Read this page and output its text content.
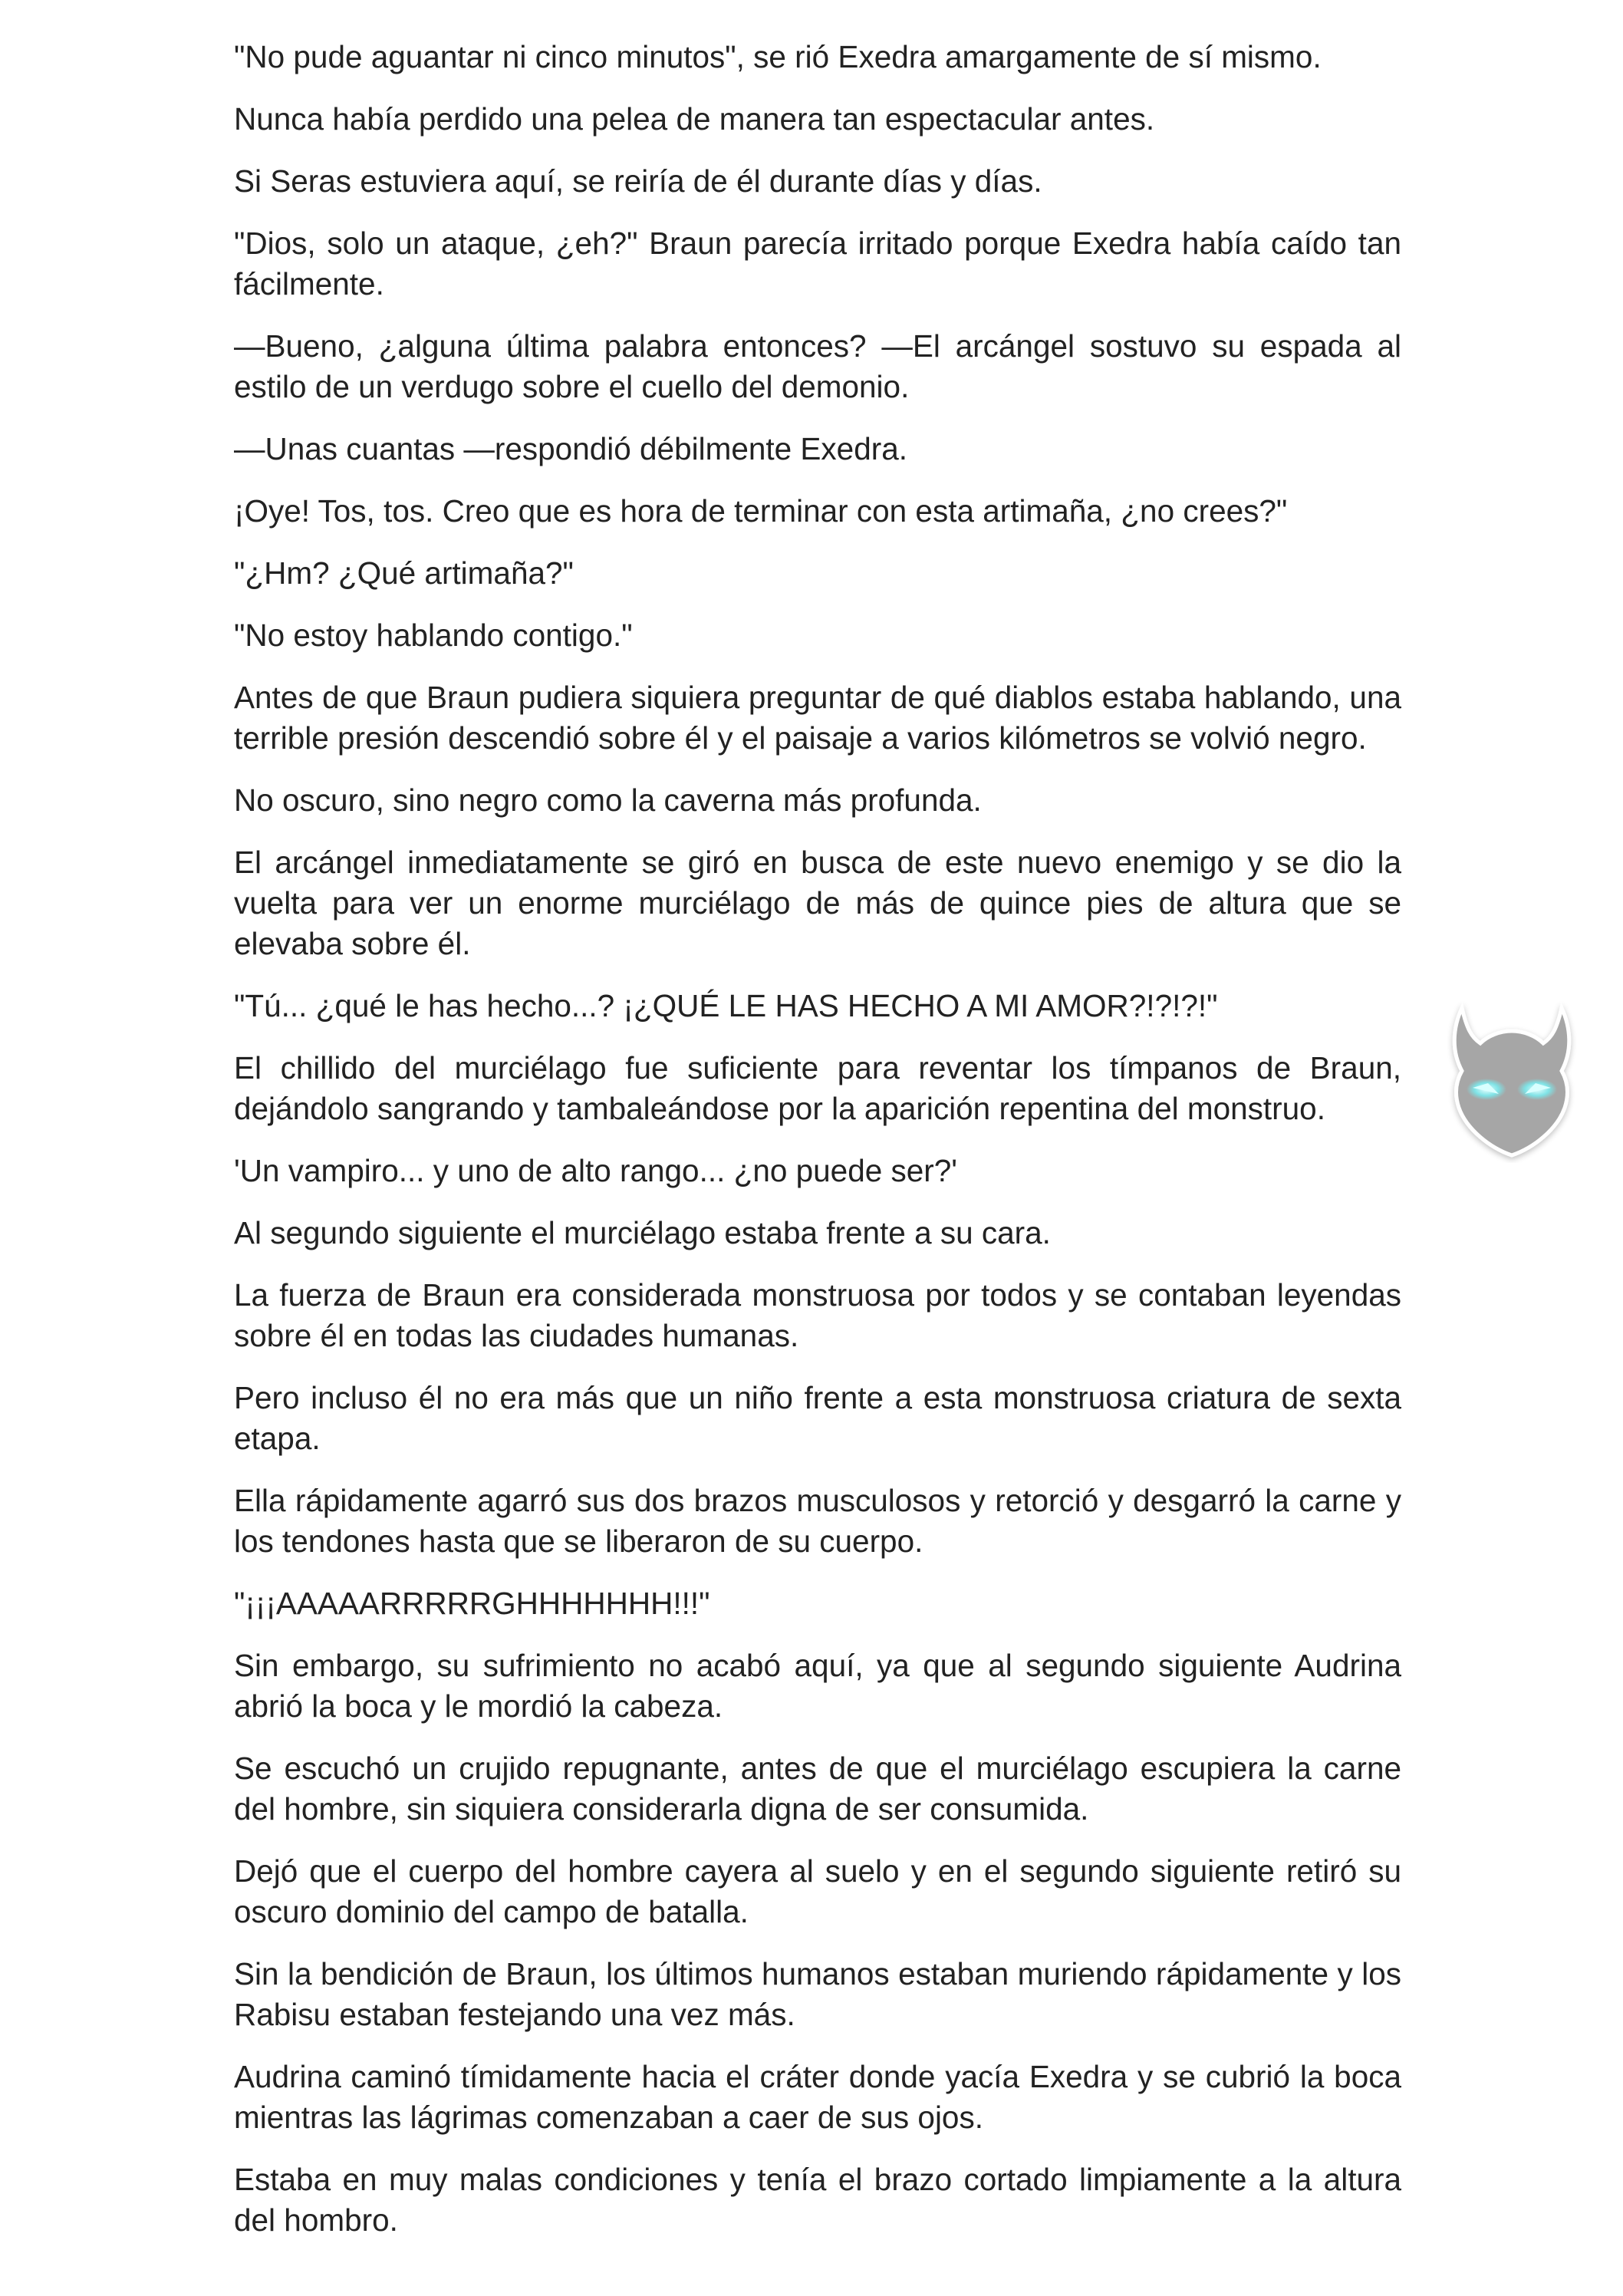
"No pude aguantar ni cinco minutos", se rió Exedra amargamente de sí mismo.

Nunca había perdido una pelea de manera tan espectacular antes.

Si Seras estuviera aquí, se reiría de él durante días y días.

"Dios, solo un ataque, ¿eh?" Braun parecía irritado porque Exedra había caído tan fácilmente.

—Bueno, ¿alguna última palabra entonces? —El arcángel sostuvo su espada al estilo de un verdugo sobre el cuello del demonio.

—Unas cuantas —respondió débilmente Exedra.

¡Oye! Tos, tos. Creo que es hora de terminar con esta artimaña, ¿no crees?"

"¿Hm? ¿Qué artimaña?"

"No estoy hablando contigo."

Antes de que Braun pudiera siquiera preguntar de qué diablos estaba hablando, una terrible presión descendió sobre él y el paisaje a varios kilómetros se volvió negro.

No oscuro, sino negro como la caverna más profunda.

El arcángel inmediatamente se giró en busca de este nuevo enemigo y se dio la vuelta para ver un enorme murciélago de más de quince pies de altura que se elevaba sobre él.

"Tú... ¿qué le has hecho...? ¡¿QUÉ LE HAS HECHO A MI AMOR?!?!?!"

El chillido del murciélago fue suficiente para reventar los tímpanos de Braun, dejándolo sangrando y tambaleándose por la aparición repentina del monstruo.

'Un vampiro... y uno de alto rango... ¿no puede ser?'

Al segundo siguiente el murciélago estaba frente a su cara.

La fuerza de Braun era considerada monstruosa por todos y se contaban leyendas sobre él en todas las ciudades humanas.

Pero incluso él no era más que un niño frente a esta monstruosa criatura de sexta etapa.

Ella rápidamente agarró sus dos brazos musculosos y retorció y desgarró la carne y los tendones hasta que se liberaron de su cuerpo.

"¡¡¡AAAAARRRRRGHHHHHHH!!!"

Sin embargo, su sufrimiento no acabó aquí, ya que al segundo siguiente Audrina abrió la boca y le mordió la cabeza.

Se escuchó un crujido repugnante, antes de que el murciélago escupiera la carne del hombre, sin siquiera considerarla digna de ser consumida.

Dejó que el cuerpo del hombre cayera al suelo y en el segundo siguiente retiró su oscuro dominio del campo de batalla.

Sin la bendición de Braun, los últimos humanos estaban muriendo rápidamente y los Rabisu estaban festejando una vez más.

Audrina caminó tímidamente hacia el cráter donde yacía Exedra y se cubrió la boca mientras las lágrimas comenzaban a caer de sus ojos.

Estaba en muy malas condiciones y tenía el brazo cortado limpiamente a la altura del hombro.
